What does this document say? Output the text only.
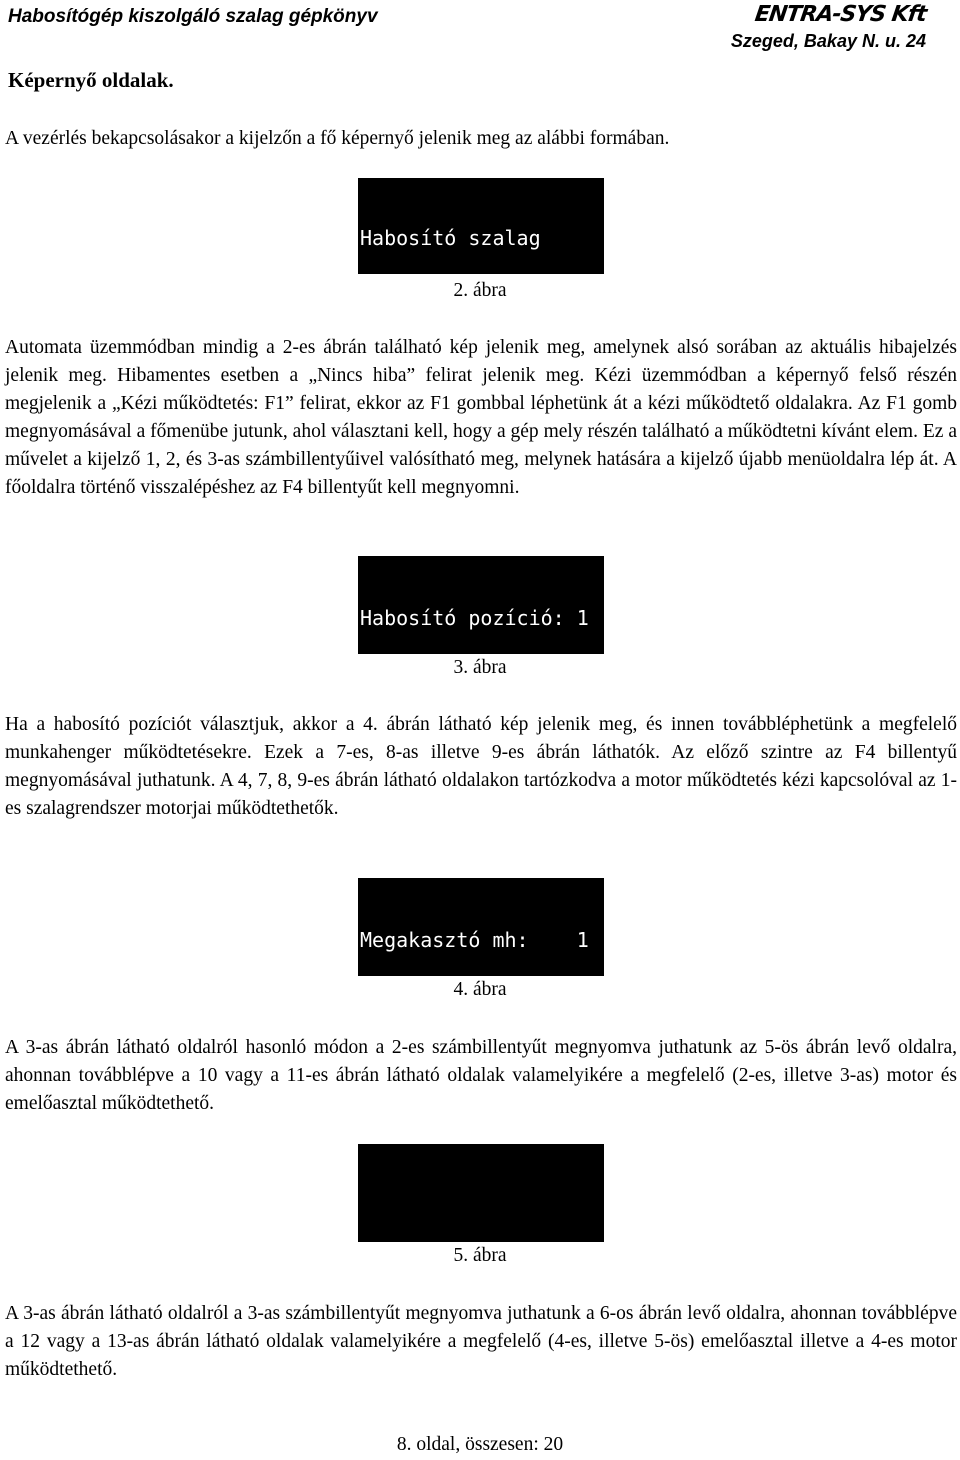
Habosítógép kiszolgáló szalag gépkönyv	ENTRA-SYS Kft
Szeged, Bakay N. u. 24
Képernyő oldalak.

A vezérlés bekapcsolásakor a kijelzőn a fő képernyő jelenik meg az alábbi formában.

Habosító szalag

2. ábra

Automata üzemmódban mindig a 2-es ábrán található kép jelenik meg, amelynek alsó sorában az aktuális hibajelzés jelenik meg. Hibamentes esetben a „Nincs hiba” felirat jelenik meg. Kézi üzemmódban a képernyő felső részén megjelenik a „Kézi működtetés: F1” felirat, ekkor az F1 gombbal léphetünk át a kézi működtető oldalakra. Az F1 gomb megnyomásával a főmenübe jutunk, ahol választani kell, hogy a gép mely részén található a működtetni kívánt elem. Ez a művelet a kijelző 1, 2, és 3-as számbillentyűivel valósítható meg, melynek hatására a kijelző újabb menüoldalra lép át. A főoldalra történő visszalépéshez az F4 billentyűt kell megnyomni.

Habosító pozíció: 1

3. ábra

Ha a habosító pozíciót választjuk, akkor a 4. ábrán látható kép jelenik meg, és innen továbbléphetünk a megfelelő munkahenger működtetésekre. Ezek a 7-es, 8-as illetve 9-es ábrán láthatók. Az előző szintre az F4 billentyű megnyomásával juthatunk. A 4, 7, 8, 9-es ábrán látható oldalakon tartózkodva a motor működtetés kézi kapcsolóval az 1-es szalagrendszer motorjai működtethetők.

Megakasztó mh:    1

4. ábra

A 3-as ábrán látható oldalról hasonló módon a 2-es számbillentyűt megnyomva juthatunk az 5-ös ábrán levő oldalra, ahonnan továbblépve a 10 vagy a 11-es ábrán látható oldalak valamelyikére a megfelelő (2-es, illetve 3-as) motor és emelőasztal működtethető.

5. ábra

A 3-as ábrán látható oldalról a 3-as számbillentyűt megnyomva juthatunk a 6-os ábrán levő oldalra, ahonnan továbblépve a 12 vagy a 13-as ábrán látható oldalak valamelyikére a megfelelő (4-es, illetve 5-ös) emelőasztal illetve a 4-es motor működtethető.

8. oldal, összesen: 20
